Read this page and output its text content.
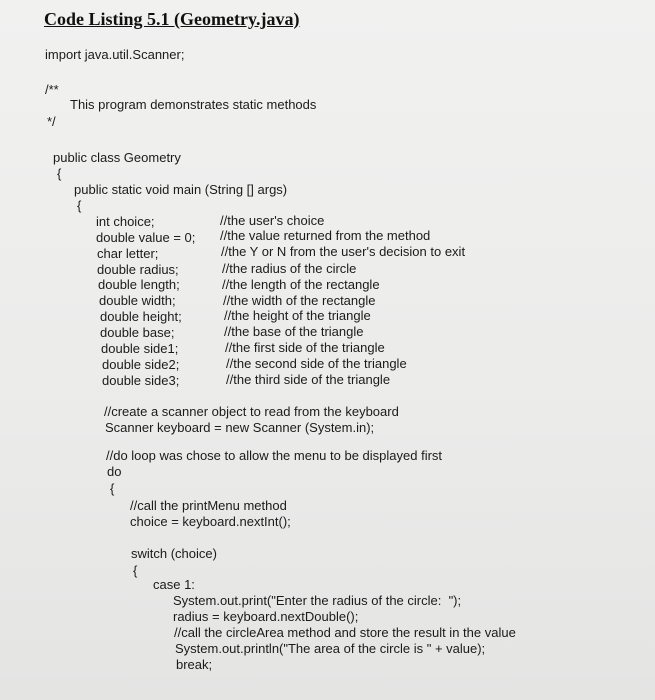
Code Listing 5.1 (Geometry.java)
import java.util.Scanner;
/**
This program demonstrates static methods
*/
public class Geometry
{
public static void main (String [] args)
{
int choice;
double value = 0;
char letter;
double radius;
double length;
double width;
double height;
double base;
double side1;
double side2;
double side3;
//the user's choice
//the value returned from the method
//the Y or N from the user's decision to exit
//the radius of the circle
//the length of the rectangle
//the width of the rectangle
//the height of the triangle
//the base of the triangle
//the first side of the triangle
//the second side of the triangle
//the third side of the triangle
//create a scanner object to read from the keyboard
Scanner keyboard = new Scanner (System.in);
//do loop was chose to allow the menu to be displayed first
do
{
//call the printMenu method
choice = keyboard.nextInt();
switch (choice)
{
case 1:
System.out.print("Enter the radius of the circle:  ");
radius = keyboard.nextDouble();
//call the circleArea method and store the result in the value
System.out.println("The area of the circle is " + value);
break;
